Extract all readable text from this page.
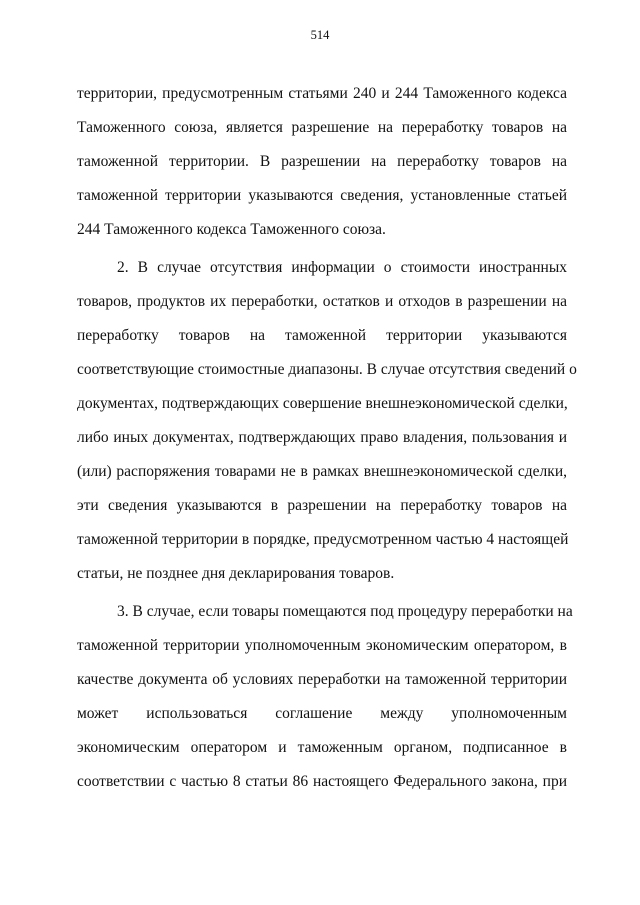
514
территории, предусмотренным статьями 240 и 244 Таможенного кодекса
Таможенного союза, является разрешение на переработку товаров на
таможенной территории. В разрешении на переработку товаров на
таможенной территории указываются сведения, установленные статьей
244 Таможенного кодекса Таможенного союза.
2. В случае отсутствия информации о стоимости иностранных
товаров, продуктов их переработки, остатков и отходов в разрешении на
переработку товаров на таможенной территории указываются
соответствующие стоимостные диапазоны. В случае отсутствия сведений о
документах, подтверждающих совершение внешнеэкономической сделки,
либо иных документах, подтверждающих право владения, пользования и
(или) распоряжения товарами не в рамках внешнеэкономической сделки,
эти сведения указываются в разрешении на переработку товаров на
таможенной территории в порядке, предусмотренном частью 4 настоящей
статьи, не позднее дня декларирования товаров.
3. В случае, если товары помещаются под процедуру переработки на
таможенной территории уполномоченным экономическим оператором, в
качестве документа об условиях переработки на таможенной территории
может использоваться соглашение между уполномоченным
экономическим оператором и таможенным органом, подписанное в
соответствии с частью 8 статьи 86 настоящего Федерального закона, при
